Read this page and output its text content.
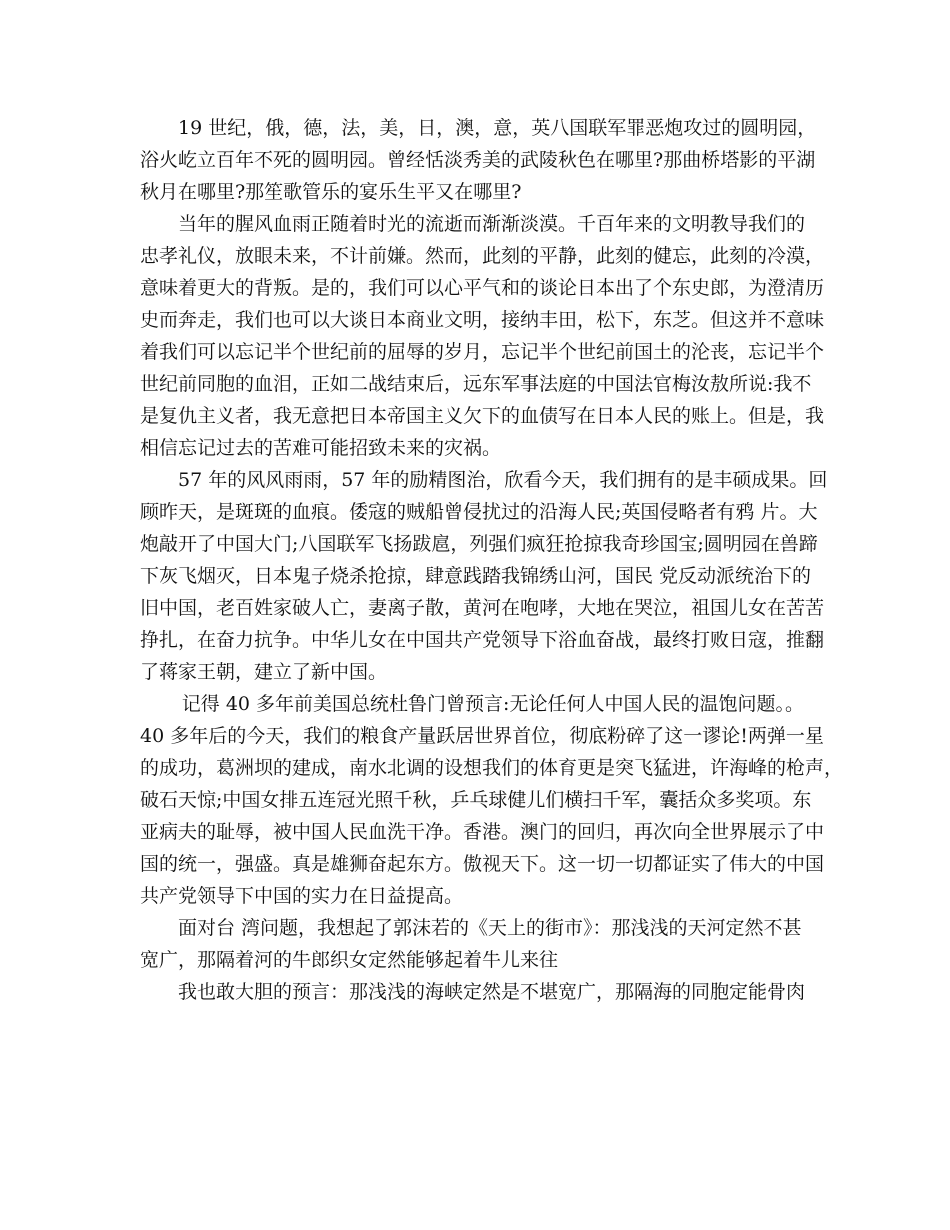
19 世纪，俄，德，法，美，日，澳，意，英八国联军罪恶炮攻过的圆明园，
浴火屹立百年不死的圆明园。曾经恬淡秀美的武陵秋色在哪里?那曲桥塔影的平湖
秋月在哪里?那笙歌管乐的宴乐生平又在哪里?
当年的腥风血雨正随着时光的流逝而渐渐淡漠。千百年来的文明教导我们的
忠孝礼仪，放眼未来，不计前嫌。然而，此刻的平静，此刻的健忘，此刻的冷漠，
意味着更大的背叛。是的，我们可以心平气和的谈论日本出了个东史郎，为澄清历
史而奔走，我们也可以大谈日本商业文明，接纳丰田，松下，东芝。但这并不意味
着我们可以忘记半个世纪前的屈辱的岁月，忘记半个世纪前国土的沦丧，忘记半个
世纪前同胞的血泪，正如二战结束后，远东军事法庭的中国法官梅汝敖所说:我不
是复仇主义者，我无意把日本帝国主义欠下的血债写在日本人民的账上。但是，我
相信忘记过去的苦难可能招致未来的灾祸。
57 年的风风雨雨，57 年的励精图治，欣看今天，我们拥有的是丰硕成果。回
顾昨天，是斑斑的血痕。倭寇的贼船曾侵扰过的沿海人民;英国侵略者有鸦 片。大
炮敲开了中国大门;八国联军飞扬跋扈，列强们疯狂抢掠我奇珍国宝;圆明园在兽蹄
下灰飞烟灭，日本鬼子烧杀抢掠，肆意践踏我锦绣山河，国民 党反动派统治下的
旧中国，老百姓家破人亡，妻离子散，黄河在咆哮，大地在哭泣，祖国儿女在苦苦
挣扎，在奋力抗争。中华儿女在中国共产党领导下浴血奋战，最终打败日寇，推翻
了蒋家王朝，建立了新中国。
记得 40 多年前美国总统杜鲁门曾预言:无论任何人中国人民的温饱问题。。
40 多年后的今天，我们的粮食产量跃居世界首位，彻底粉碎了这一谬论!两弹一星
的成功，葛洲坝的建成，南水北调的设想我们的体育更是突飞猛进，许海峰的枪声，
破石天惊;中国女排五连冠光照千秋，乒乓球健儿们横扫千军，囊括众多奖项。东
亚病夫的耻辱，被中国人民血洗干净。香港。澳门的回归，再次向全世界展示了中
国的统一，强盛。真是雄狮奋起东方。傲视天下。这一切一切都证实了伟大的中国
共产党领导下中国的实力在日益提高。
面对台 湾问题，我想起了郭沫若的《天上的街市》：那浅浅的天河定然不甚
宽广，那隔着河的牛郎织女定然能够起着牛儿来往
我也敢大胆的预言：那浅浅的海峡定然是不堪宽广，那隔海的同胞定能骨肉
